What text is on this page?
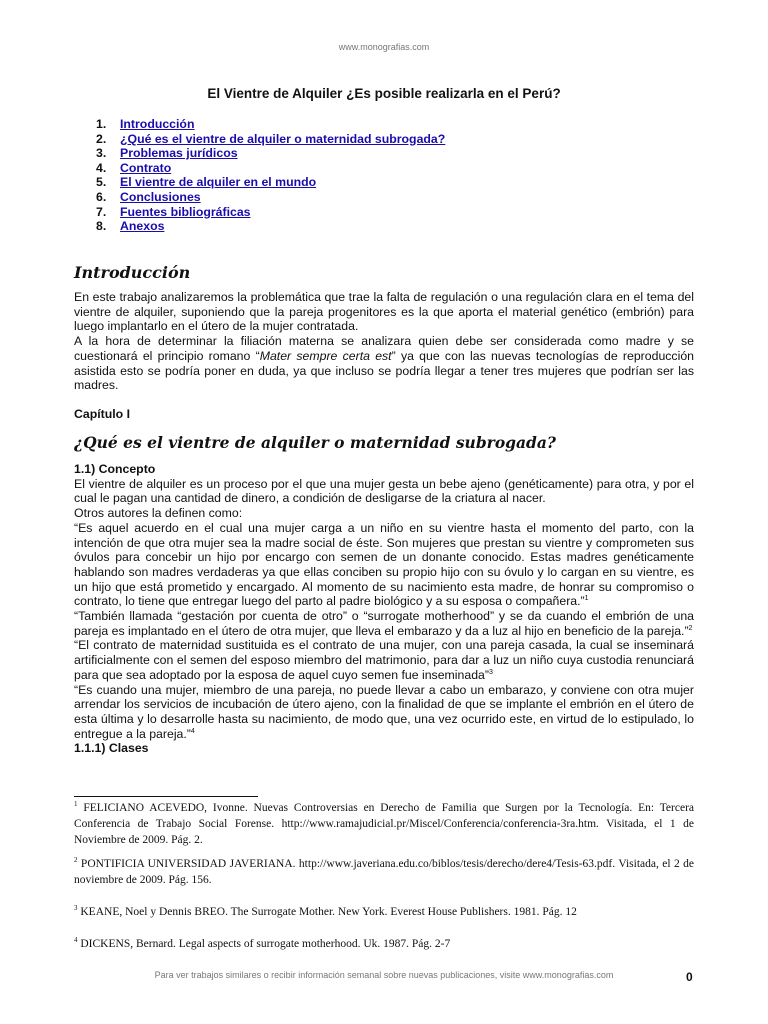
www.monografias.com
El Vientre de Alquiler ¿Es posible realizarla en el Perú?
1. Introducción
2. ¿Qué es el vientre de alquiler o maternidad subrogada?
3. Problemas jurídicos
4. Contrato
5. El vientre de alquiler en el mundo
6. Conclusiones
7. Fuentes bibliográficas
8. Anexos
Introducción

En este trabajo analizaremos la problemática que trae la falta de regulación o una regulación clara en el tema del vientre de alquiler, suponiendo que la pareja progenitores es la que aporta el material genético (embrión) para luego implantarlo en el útero de la mujer contratada.

A la hora de determinar la filiación materna se analizara quien debe ser considerada como madre y se cuestionará el principio romano “Mater sempre certa est” ya que con las nuevas tecnologías de reproducción asistida esto se podría poner en duda, ya que incluso se podría llegar a tener tres mujeres que podrían ser las madres.

Capítulo I
¿Qué es el vientre de alquiler o maternidad subrogada?

1.1) Concepto

El vientre de alquiler es un proceso por el que una mujer gesta un bebe ajeno (genéticamente) para otra, y por el cual le pagan una cantidad de dinero, a condición de desligarse de la criatura al nacer.

Otros autores la definen como:

“Es aquel acuerdo en el cual una mujer carga a un niño en su vientre hasta el momento del parto, con la intención de que otra mujer sea la madre social de éste. Son mujeres que prestan su vientre y comprometen sus óvulos para concebir un hijo por encargo con semen de un donante conocido. Estas madres genéticamente hablando son madres verdaderas ya que ellas conciben su propio hijo con su óvulo y lo cargan en su vientre, es un hijo que está prometido y encargado. Al momento de su nacimiento esta madre, de honrar su compromiso o contrato, lo tiene que entregar luego del parto al padre biológico y a su esposa o compañera.”$^1$

“También llamada “gestación por cuenta de otro” o “surrogate motherhood” y se da cuando el embrión de una pareja es implantado en el útero de otra mujer, que lleva el embarazo y da a luz al hijo en beneficio de la pareja.”$^2$

“El contrato de maternidad sustituida es el contrato de una mujer, con una pareja casada, la cual se inseminará artificialmente con el semen del esposo miembro del matrimonio, para dar a luz un niño cuya custodia renunciará para que sea adoptado por la esposa de aquel cuyo semen fue inseminada”$^3$

“Es cuando una mujer, miembro de una pareja, no puede llevar a cabo un embarazo, y conviene con otra mujer arrendar los servicios de incubación de útero ajeno, con la finalidad de que se implante el embrión en el útero de esta última y lo desarrolle hasta su nacimiento, de modo que, una vez ocurrido este, en virtud de lo estipulado, lo entregue a la pareja.”$^4$

1.1.1) Clases

$^1$ FELICIANO ACEVEDO, Ivonne. Nuevas Controversias en Derecho de Familia que Surgen por la Tecnología. En: Tercera Conferencia de Trabajo Social Forense. http://www.ramajudicial.pr/Miscel/Conferencia/conferencia-3ra.htm. Visitada, el 1 de Noviembre de 2009. Pág. 2.

$^2$ PONTIFICIA UNIVERSIDAD JAVERIANA. http://www.javeriana.edu.co/biblos/tesis/derecho/dere4/Tesis-63.pdf. Visitada, el 2 de noviembre de 2009. Pág. 156.

$^3$ KEANE, Noel y Dennis BREO. The Surrogate Mother. New York. Everest House Publishers. 1981. Pág. 12

$^4$ DICKENS, Bernard. Legal aspects of surrogate motherhood. Uk. 1987. Pág. 2-7

Para ver trabajos similares o recibir información semanal sobre nuevas publicaciones, visite www.monografias.com	0
